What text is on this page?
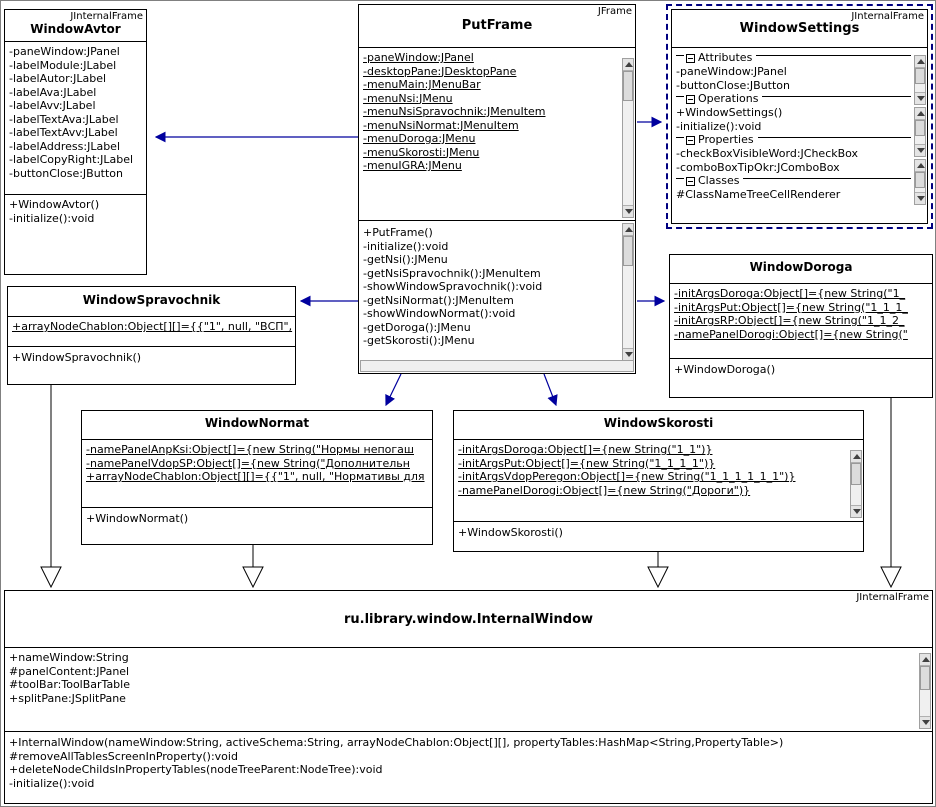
JInternalFrame
WindowAvtor
-paneWindow:JPanel
-labelModule:JLabel
-labelAutor:JLabel
-labelAva:JLabel
-labelAvv:JLabel
-labelTextAva:JLabel
-labelTextAvv:JLabel
-labelAddress:JLabel
-labelCopyRight:JLabel
-buttonClose:JButton
+WindowAvtor()
-initialize():void
JFrame
PutFrame
-paneWindow:JPanel
-desktopPane:JDesktopPane
-menuMain:JMenuBar
-menuNsi:JMenu
-menuNsiSpravochnik:JMenuItem
-menuNsiNormat:JMenuItem
-menuDoroga:JMenu
-menuSkorosti:JMenu
-menuIGRA:JMenu
+PutFrame()
-initialize():void
-getNsi():JMenu
-getNsiSpravochnik():JMenuItem
-showWindowSpravochnik():void
-getNsiNormat():JMenuItem
-showWindowNormat():void
-getDoroga():JMenu
-getSkorosti():JMenu
JInternalFrame
WindowSettings
Attributes
-paneWindow:JPanel
-buttonClose:JButton
Operations
+WindowSettings()
-initialize():void
Properties
-checkBoxVisibleWord:JCheckBox
-comboBoxTipOkr:JComboBox
Classes
#ClassNameTreeCellRenderer
WindowSpravochnik
+arrayNodeChablon:Object[][]={{"1", null, "ВСП",
+WindowSpravochnik()
WindowDoroga
-initArgsDoroga:Object[]={new String("1_
-initArgsPut:Object[]={new String("1_1_1_
-initArgsRP:Object[]={new String("1_1_2_
-namePanelDorogi:Object[]={new String("
+WindowDoroga()
WindowNormat
-namePanelAnpKsi:Object[]={new String("Нормы непогаш
-namePanelVdopSP:Object[]={new String("Дополнительн
+arrayNodeChablon:Object[][]={{"1", null, "Нормативы для
+WindowNormat()
WindowSkorosti
-initArgsDoroga:Object[]={new String("1_1")}
-initArgsPut:Object[]={new String("1_1_1_1")}
-initArgsVdopPeregon:Object[]={new String("1_1_1_1_1_1")}
-namePanelDorogi:Object[]={new String("Дороги")}
+WindowSkorosti()
JInternalFrame
ru.library.window.InternalWindow
+nameWindow:String
#panelContent:JPanel
#toolBar:ToolBarTable
+splitPane:JSplitPane
+InternalWindow(nameWindow:String, activeSchema:String, arrayNodeChablon:Object[][], propertyTables:HashMap<String,PropertyTable>)
#removeAllTablesScreenInProperty():void
+deleteNodeChildsInPropertyTables(nodeTreeParent:NodeTree):void
-initialize():void
